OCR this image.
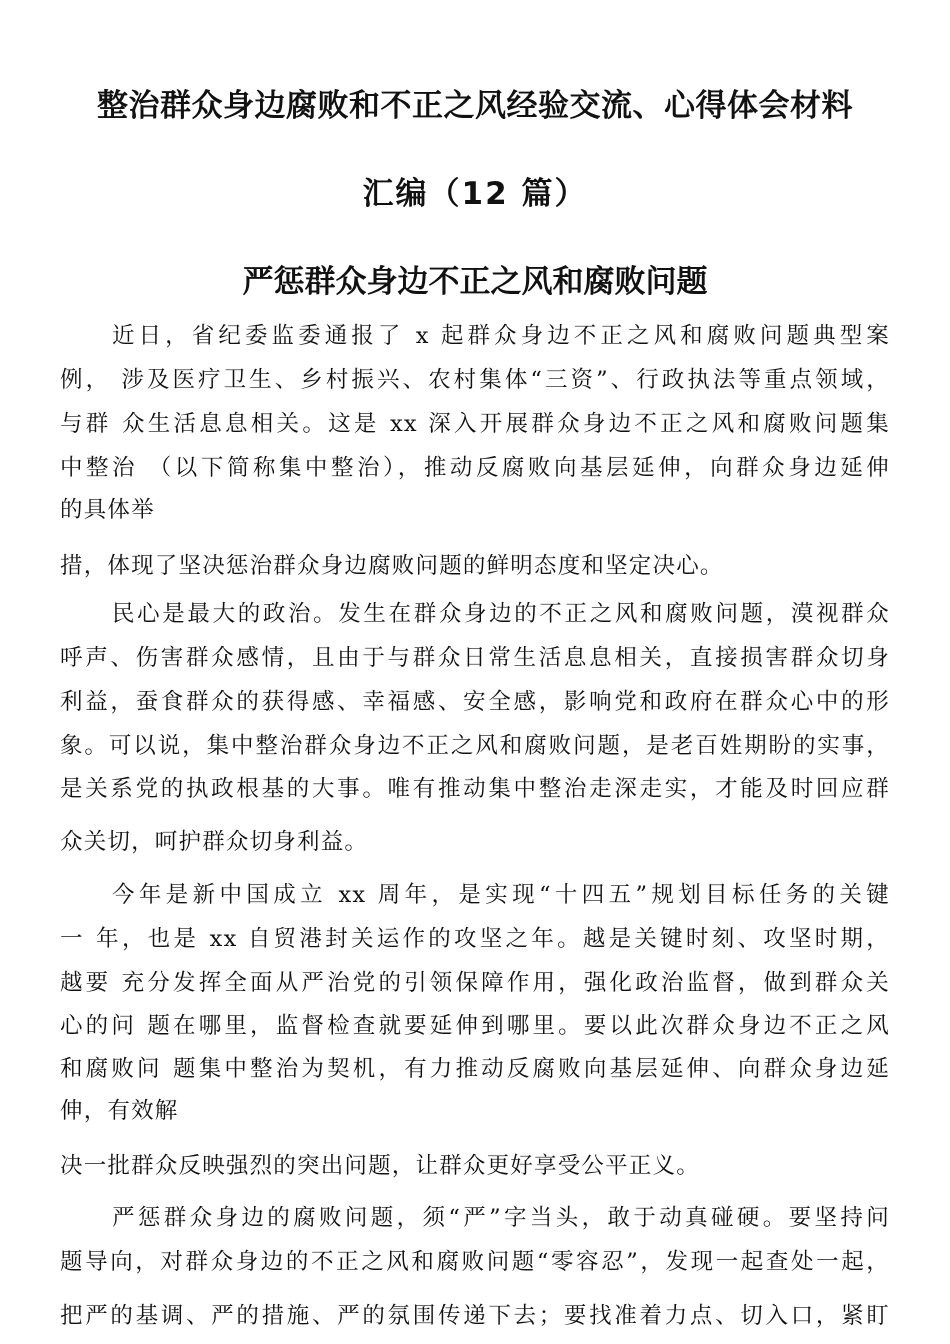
整治群众身边腐败和不正之风经验交流、心得体会材料
汇编（12 篇）
严惩群众身边不正之风和腐败问题
近日，省纪委监委通报了 x 起群众身边不正之风和腐败问题典型案
例， 涉及医疗卫生、乡村振兴、农村集体“三资”、行政执法等重点领域，
与群 众生活息息相关。这是 xx 深入开展群众身边不正之风和腐败问题集
中整治 （以下简称集中整治），推动反腐败向基层延伸，向群众身边延伸
的具体举
措，体现了坚决惩治群众身边腐败问题的鲜明态度和坚定决心。
民心是最大的政治。发生在群众身边的不正之风和腐败问题，漠视群众
呼声、伤害群众感情，且由于与群众日常生活息息相关，直接损害群众切身
利益，蚕食群众的获得感、幸福感、安全感，影响党和政府在群众心中的形
象。可以说，集中整治群众身边不正之风和腐败问题，是老百姓期盼的实事，
是关系党的执政根基的大事。唯有推动集中整治走深走实，才能及时回应群
众关切，呵护群众切身利益。
今年是新中国成立 xx 周年，是实现“十四五”规划目标任务的关键
一 年，也是 xx 自贸港封关运作的攻坚之年。越是关键时刻、攻坚时期，
越要 充分发挥全面从严治党的引领保障作用，强化政治监督，做到群众关
心的问 题在哪里，监督检查就要延伸到哪里。要以此次群众身边不正之风
和腐败问 题集中整治为契机，有力推动反腐败向基层延伸、向群众身边延
伸，有效解
决一批群众反映强烈的突出问题，让群众更好享受公平正义。
严惩群众身边的腐败问题，须“严”字当头，敢于动真碰硬。要坚持问
题导向，对群众身边的不正之风和腐败问题“零容忍”，发现一起查处一起，
把严的基调、严的措施、严的氛围传递下去；要找准着力点、切入口，紧盯
